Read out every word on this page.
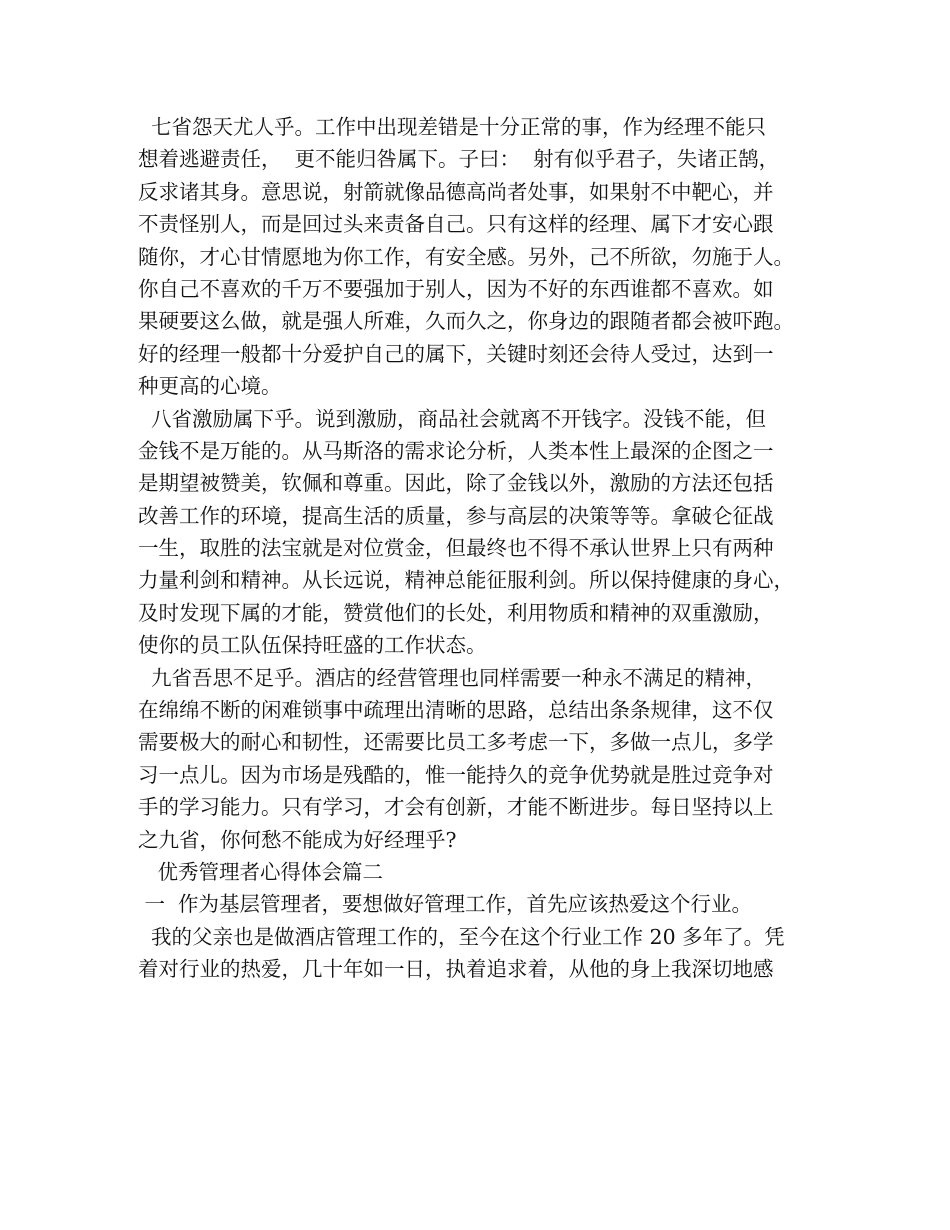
七省怨天尤人乎。工作中出现差错是十分正常的事，作为经理不能只
想着逃避责任，  更不能归咎属下。子曰：  射有似乎君子，失诸正鹄，
反求诸其身。意思说，射箭就像品德高尚者处事，如果射不中靶心，并
不责怪别人，而是回过头来责备自己。只有这样的经理、属下才安心跟
随你，才心甘情愿地为你工作，有安全感。另外，己不所欲，勿施于人。
你自己不喜欢的千万不要强加于别人，因为不好的东西谁都不喜欢。如
果硬要这么做，就是强人所难，久而久之，你身边的跟随者都会被吓跑。
好的经理一般都十分爱护自己的属下，关键时刻还会待人受过，达到一
种更高的心境。
八省激励属下乎。说到激励，商品社会就离不开钱字。没钱不能，但
金钱不是万能的。从马斯洛的需求论分析，人类本性上最深的企图之一
是期望被赞美，钦佩和尊重。因此，除了金钱以外，激励的方法还包括
改善工作的环境，提高生活的质量，参与高层的决策等等。拿破仑征战
一生，取胜的法宝就是对位赏金，但最终也不得不承认世界上只有两种
力量利剑和精神。从长远说，精神总能征服利剑。所以保持健康的身心，
及时发现下属的才能，赞赏他们的长处，利用物质和精神的双重激励，
使你的员工队伍保持旺盛的工作状态。
九省吾思不足乎。酒店的经营管理也同样需要一种永不满足的精神，
在绵绵不断的闲难锁事中疏理出清晰的思路，总结出条条规律，这不仅
需要极大的耐心和韧性，还需要比员工多考虑一下，多做一点儿，多学
习一点儿。因为市场是残酷的，惟一能持久的竞争优势就是胜过竞争对
手的学习能力。只有学习，才会有创新，才能不断进步。每日坚持以上
之九省，你何愁不能成为好经理乎?
优秀管理者心得体会篇二
一  作为基层管理者，要想做好管理工作，首先应该热爱这个行业。
我的父亲也是做酒店管理工作的，至今在这个行业工作 20 多年了。凭
着对行业的热爱，几十年如一日，执着追求着，从他的身上我深切地感
